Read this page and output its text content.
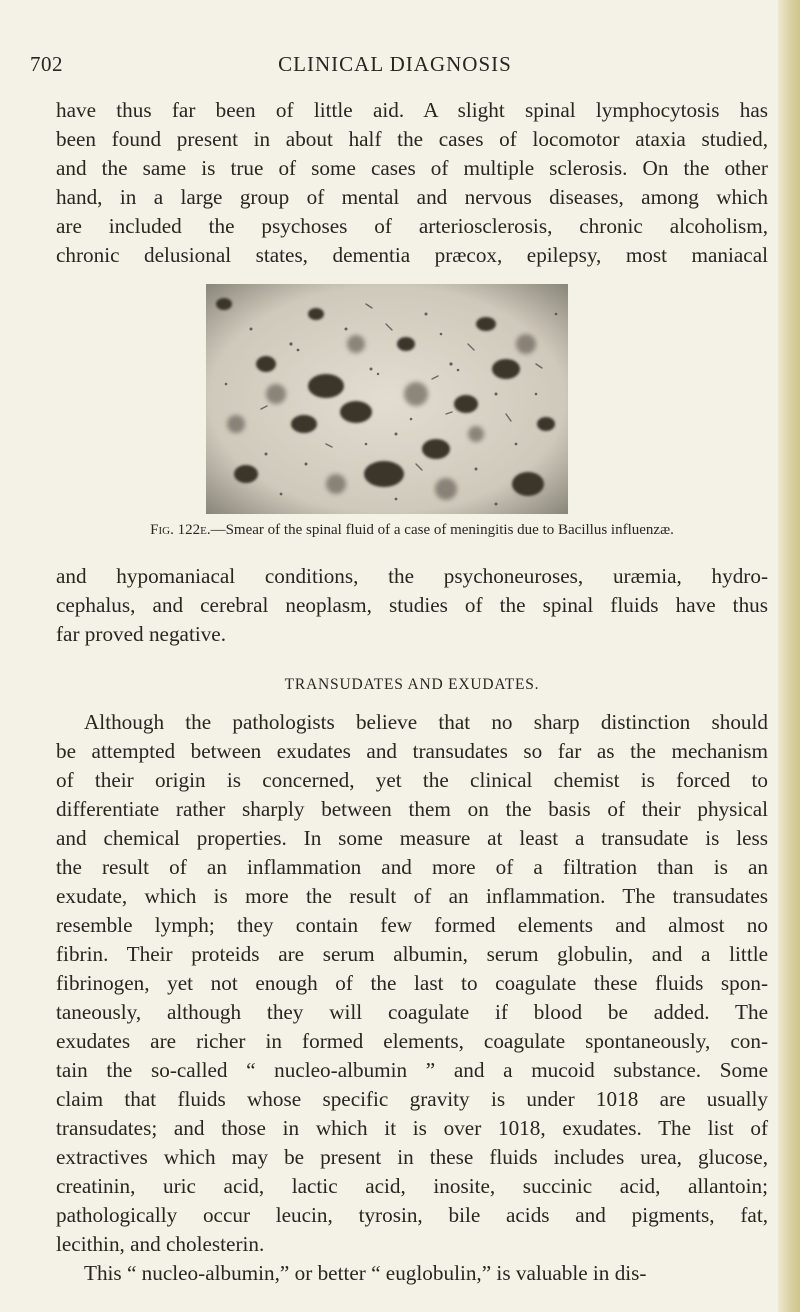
702	CLINICAL DIAGNOSIS
have thus far been of little aid. A slight spinal lymphocytosis has
been found present in about half the cases of locomotor ataxia studied,
and the same is true of some cases of multiple sclerosis. On the other
hand, in a large group of mental and nervous diseases, among which
are included the psychoses of arteriosclerosis, chronic alcoholism,
chronic delusional states, dementia præcox, epilepsy, most maniacal
Fig. 122e.—Smear of the spinal fluid of a case of meningitis due to Bacillus influenzæ.
and hypomaniacal conditions, the psychoneuroses, uræmia, hydro-
cephalus, and cerebral neoplasm, studies of the spinal fluids have thus
far proved negative.
TRANSUDATES AND EXUDATES.
Although the pathologists believe that no sharp distinction should
be attempted between exudates and transudates so far as the mechanism
of their origin is concerned, yet the clinical chemist is forced to
differentiate rather sharply between them on the basis of their physical
and chemical properties. In some measure at least a transudate is less
the result of an inflammation and more of a filtration than is an
exudate, which is more the result of an inflammation. The transudates
resemble lymph; they contain few formed elements and almost no
fibrin. Their proteids are serum albumin, serum globulin, and a little
fibrinogen, yet not enough of the last to coagulate these fluids spon-
taneously, although they will coagulate if blood be added. The
exudates are richer in formed elements, coagulate spontaneously, con-
tain the so-called “ nucleo-albumin ” and a mucoid substance. Some
claim that fluids whose specific gravity is under 1018 are usually
transudates; and those in which it is over 1018, exudates. The list of
extractives which may be present in these fluids includes urea, glucose,
creatinin, uric acid, lactic acid, inosite, succinic acid, allantoin;
pathologically occur leucin, tyrosin, bile acids and pigments, fat,
lecithin, and cholesterin.
This “ nucleo-albumin,” or better “ euglobulin,” is valuable in dis-
